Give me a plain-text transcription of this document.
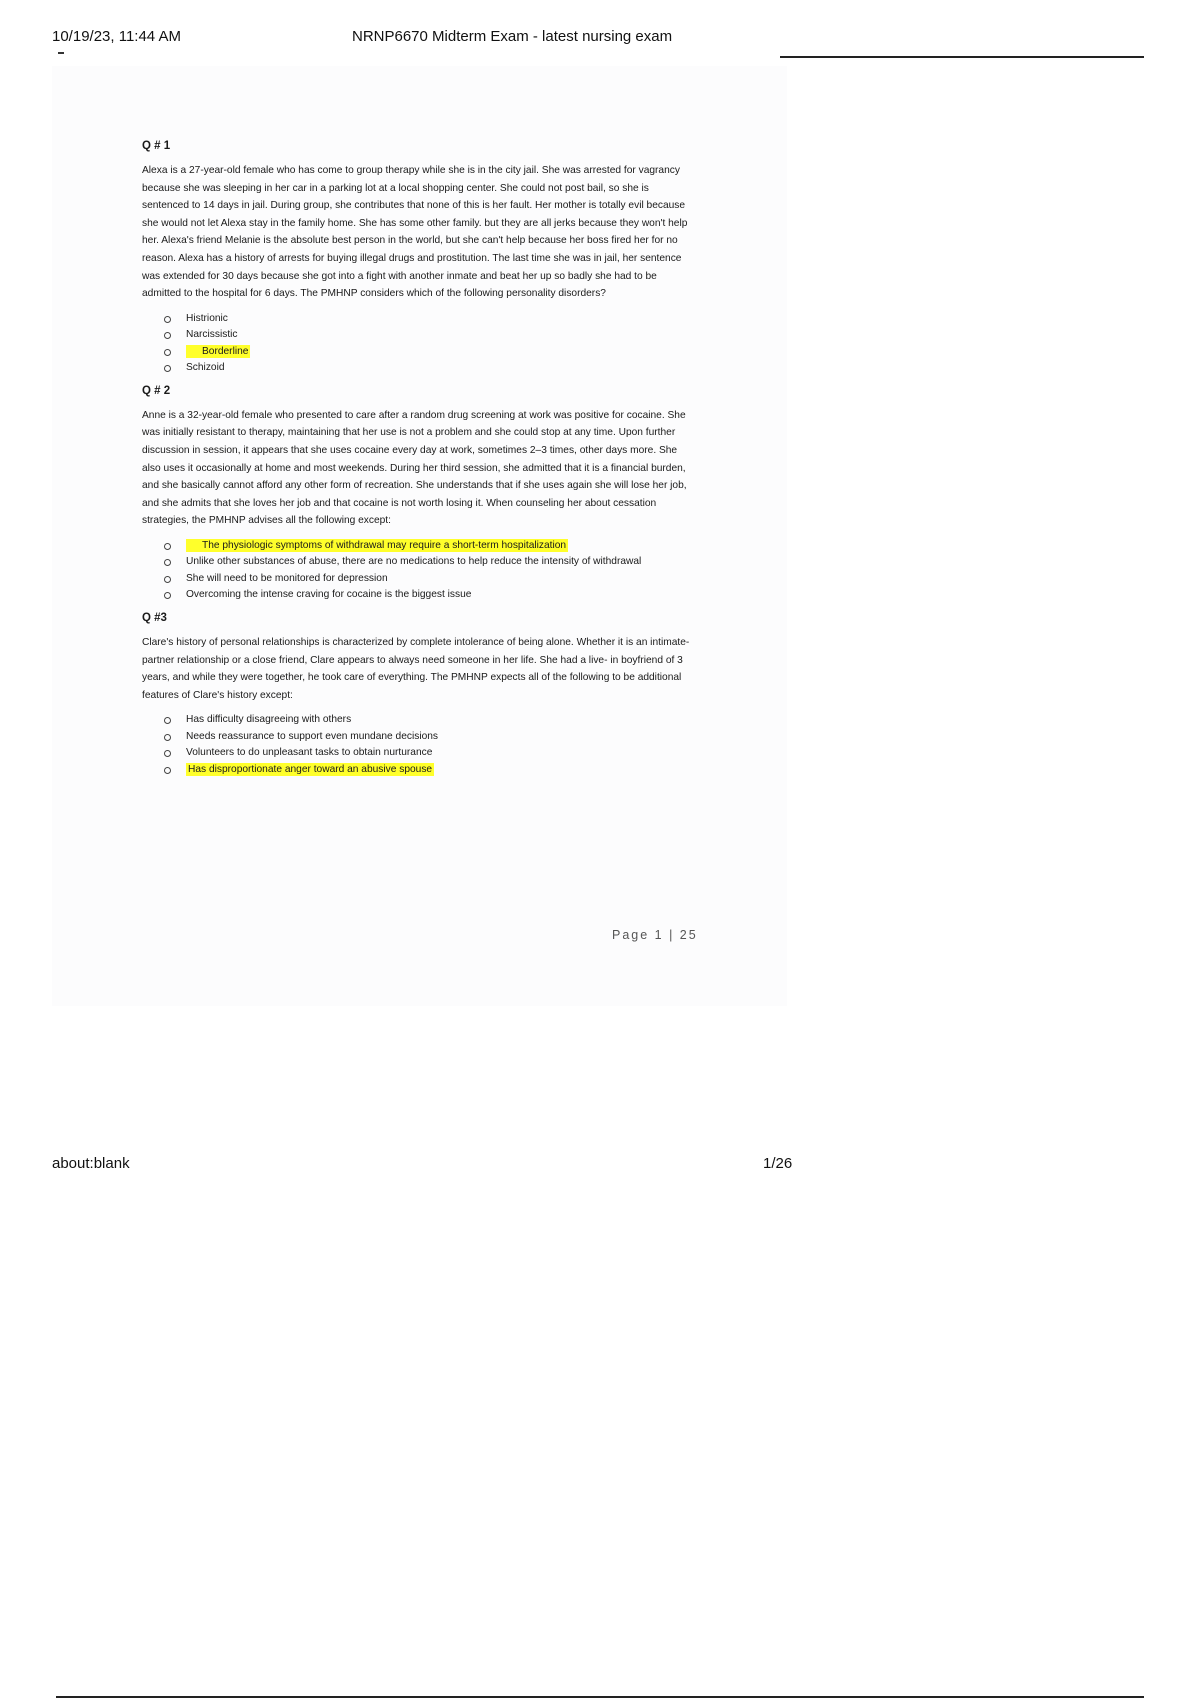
10/19/23, 11:44 AM	NRNP6670 Midterm Exam - latest nursing exam
Q # 1
Alexa is a 27-year-old female who has come to group therapy while she is in the city jail. She was arrested for vagrancy because she was sleeping in her car in a parking lot at a local shopping center. She could not post bail, so she is sentenced to 14 days in jail. During group, she contributes that none of this is her fault. Her mother is totally evil because she would not let Alexa stay in the family home. She has some other family. but they are all jerks because they won't help her. Alexa's friend Melanie is the absolute best person in the world, but she can't help because her boss fired her for no reason. Alexa has a history of arrests for buying illegal drugs and prostitution. The last time she was in jail, her sentence was extended for 30 days because she got into a fight with another inmate and beat her up so badly she had to be admitted to the hospital for 6 days. The PMHNP considers which of the following personality disorders?
Histrionic
Narcissistic
Borderline
Schizoid
Q # 2
Anne is a 32-year-old female who presented to care after a random drug screening at work was positive for cocaine. She was initially resistant to therapy, maintaining that her use is not a problem and she could stop at any time. Upon further discussion in session, it appears that she uses cocaine every day at work, sometimes 2–3 times, other days more. She also uses it occasionally at home and most weekends. During her third session, she admitted that it is a financial burden, and she basically cannot afford any other form of recreation. She understands that if she uses again she will lose her job, and she admits that she loves her job and that cocaine is not worth losing it. When counseling her about cessation strategies, the PMHNP advises all the following except:
The physiologic symptoms of withdrawal may require a short-term hospitalization
Unlike other substances of abuse, there are no medications to help reduce the intensity of withdrawal
She will need to be monitored for depression
Overcoming the intense craving for cocaine is the biggest issue
Q #3
Clare's history of personal relationships is characterized by complete intolerance of being alone. Whether it is an intimate-partner relationship or a close friend, Clare appears to always need someone in her life. She had a live- in boyfriend of 3 years, and while they were together, he took care of everything. The PMHNP expects all of the following to be additional features of Clare's history except:
Has difficulty disagreeing with others
Needs reassurance to support even mundane decisions
Volunteers to do unpleasant tasks to obtain nurturance
Has disproportionate anger toward an abusive spouse
Page 1 | 25
about:blank	1/26
